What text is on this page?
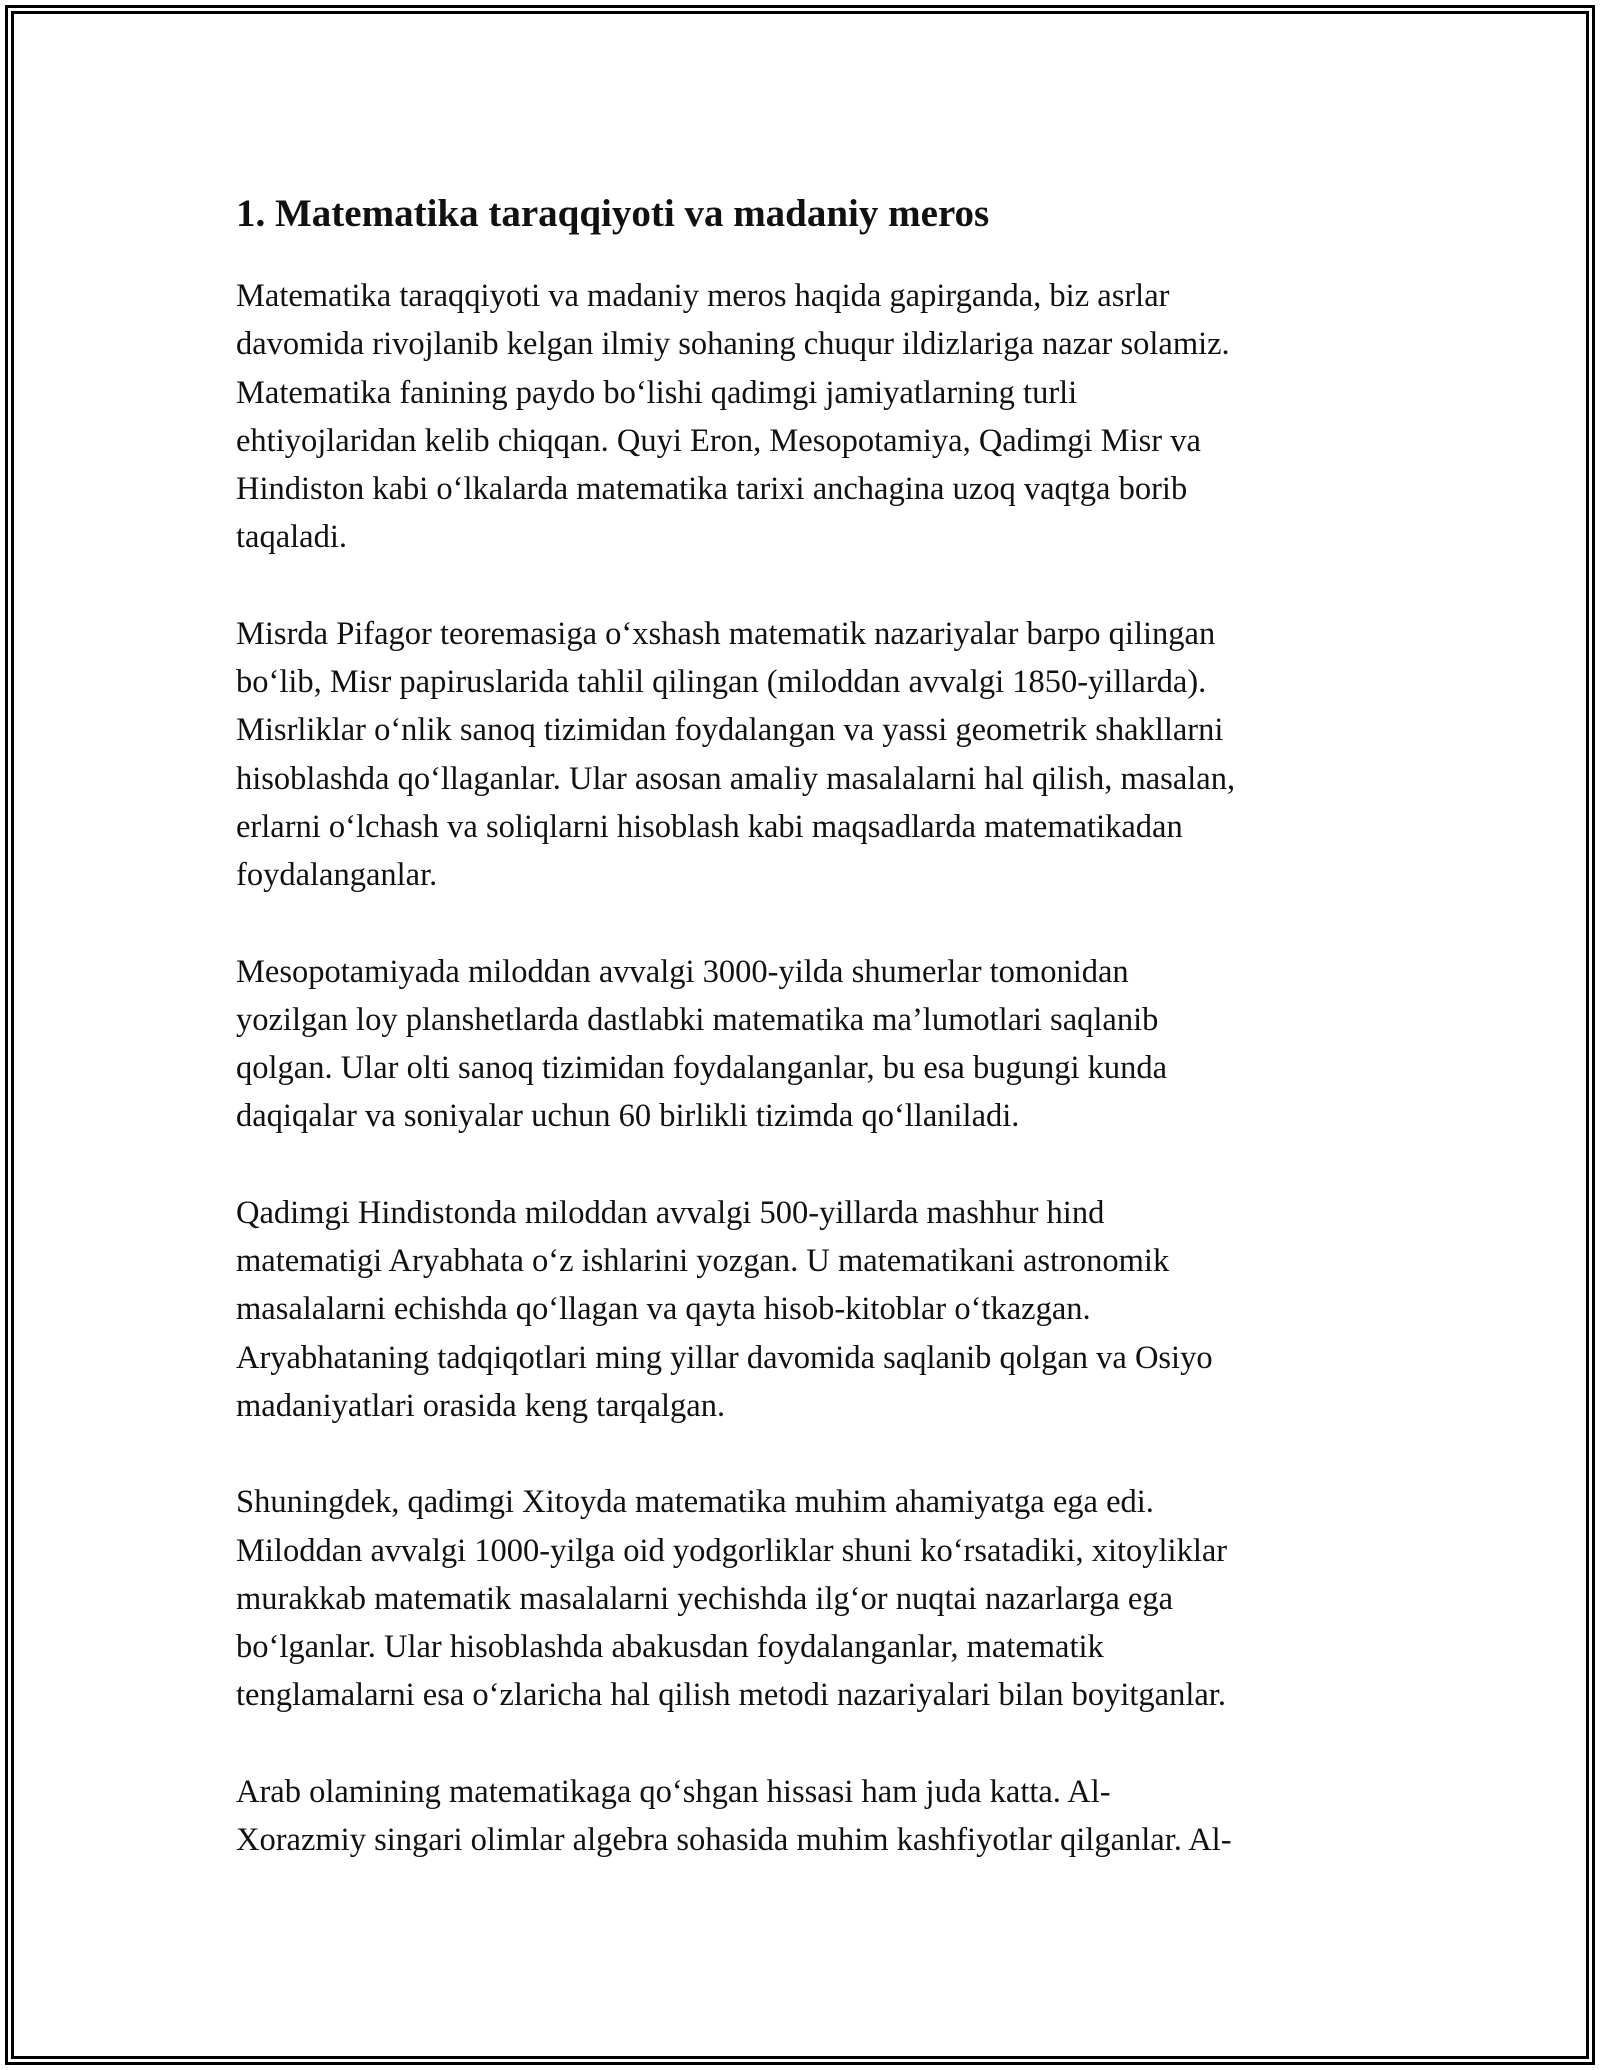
1. Matematika taraqqiyoti va madaniy meros

Matematika taraqqiyoti va madaniy meros haqida gapirganda, biz asrlar
davomida rivojlanib kelgan ilmiy sohaning chuqur ildizlariga nazar solamiz.
Matematika fanining paydo bo‘lishi qadimgi jamiyatlarning turli
ehtiyojlaridan kelib chiqqan. Quyi Eron, Mesopotamiya, Qadimgi Misr va
Hindiston kabi o‘lkalarda matematika tarixi anchagina uzoq vaqtga borib
taqaladi.

Misrda Pifagor teoremasiga o‘xshash matematik nazariyalar barpo qilingan
bo‘lib, Misr papiruslarida tahlil qilingan (miloddan avvalgi 1850-yillarda).
Misrliklar o‘nlik sanoq tizimidan foydalangan va yassi geometrik shakllarni
hisoblashda qo‘llaganlar. Ular asosan amaliy masalalarni hal qilish, masalan,
erlarni o‘lchash va soliqlarni hisoblash kabi maqsadlarda matematikadan
foydalanganlar.

Mesopotamiyada miloddan avvalgi 3000-yilda shumerlar tomonidan
yozilgan loy planshetlarda dastlabki matematika ma’lumotlari saqlanib
qolgan. Ular olti sanoq tizimidan foydalanganlar, bu esa bugungi kunda
daqiqalar va soniyalar uchun 60 birlikli tizimda qo‘llaniladi.

Qadimgi Hindistonda miloddan avvalgi 500-yillarda mashhur hind
matematigi Aryabhata o‘z ishlarini yozgan. U matematikani astronomik
masalalarni echishda qo‘llagan va qayta hisob-kitoblar o‘tkazgan.
Aryabhataning tadqiqotlari ming yillar davomida saqlanib qolgan va Osiyo
madaniyatlari orasida keng tarqalgan.

Shuningdek, qadimgi Xitoyda matematika muhim ahamiyatga ega edi.
Miloddan avvalgi 1000-yilga oid yodgorliklar shuni ko‘rsatadiki, xitoyliklar
murakkab matematik masalalarni yechishda ilg‘or nuqtai nazarlarga ega
bo‘lganlar. Ular hisoblashda abakusdan foydalanganlar, matematik
tenglamalarni esa o‘zlaricha hal qilish metodi nazariyalari bilan boyitganlar.

Arab olamining matematikaga qo‘shgan hissasi ham juda katta. Al-
Xorazmiy singari olimlar algebra sohasida muhim kashfiyotlar qilganlar. Al-
